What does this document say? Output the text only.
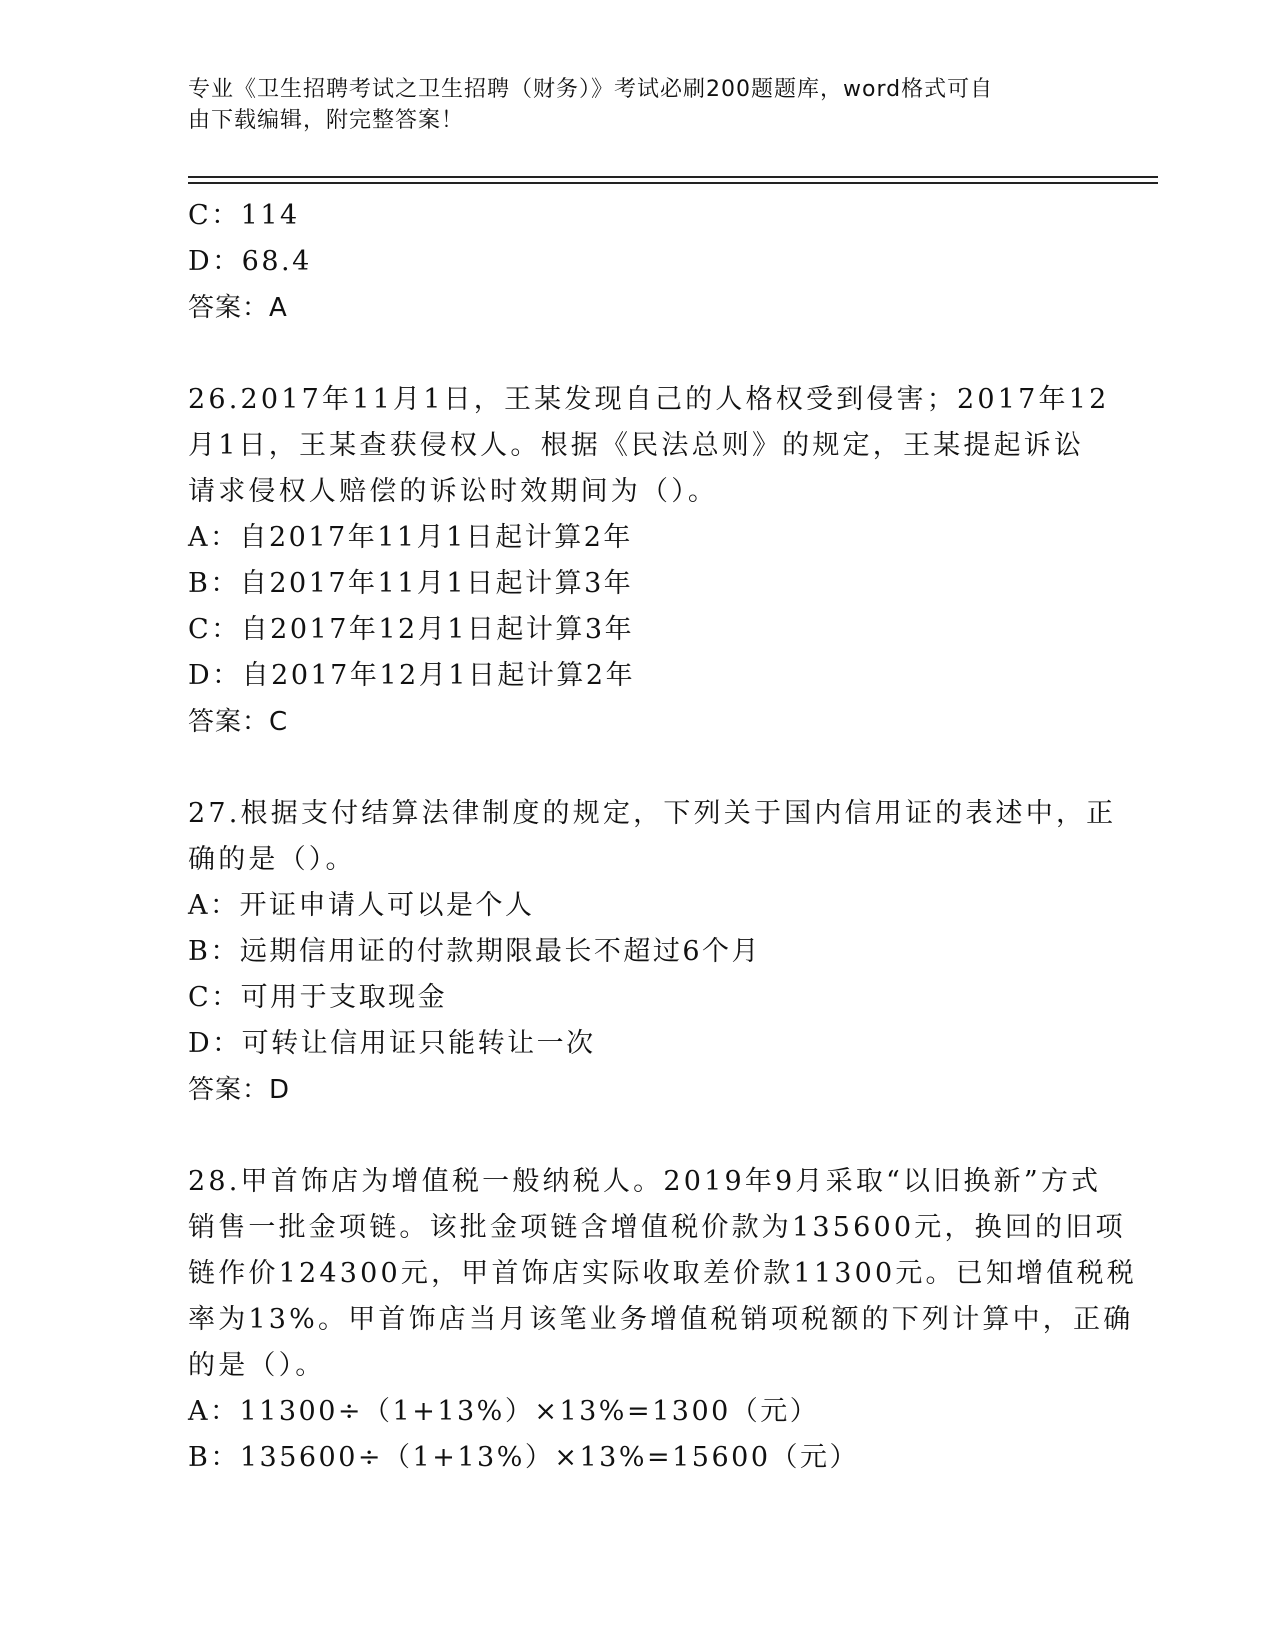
专业《卫生招聘考试之卫生招聘（财务）》考试必刷200题题库，word格式可自
由下载编辑，附完整答案！
C：114
D：68.4
答案：A
26.2017年11月1日，王某发现自己的人格权受到侵害；2017年12
月1日，王某查获侵权人。根据《民法总则》的规定，王某提起诉讼
请求侵权人赔偿的诉讼时效期间为（）。
A：自2017年11月1日起计算2年
B：自2017年11月1日起计算3年
C：自2017年12月1日起计算3年
D：自2017年12月1日起计算2年
答案：C
27.根据支付结算法律制度的规定，下列关于国内信用证的表述中，正
确的是（）。
A：开证申请人可以是个人
B：远期信用证的付款期限最长不超过6个月
C：可用于支取现金
D：可转让信用证只能转让一次
答案：D
28.甲首饰店为增值税一般纳税人。2019年9月采取“以旧换新”方式
销售一批金项链。该批金项链含增值税价款为135600元，换回的旧项
链作价124300元，甲首饰店实际收取差价款11300元。已知增值税税
率为13%。甲首饰店当月该笔业务增值税销项税额的下列计算中，正确
的是（）。
A：11300÷（1+13%）×13%=1300（元）
B：135600÷（1+13%）×13%=15600（元）
